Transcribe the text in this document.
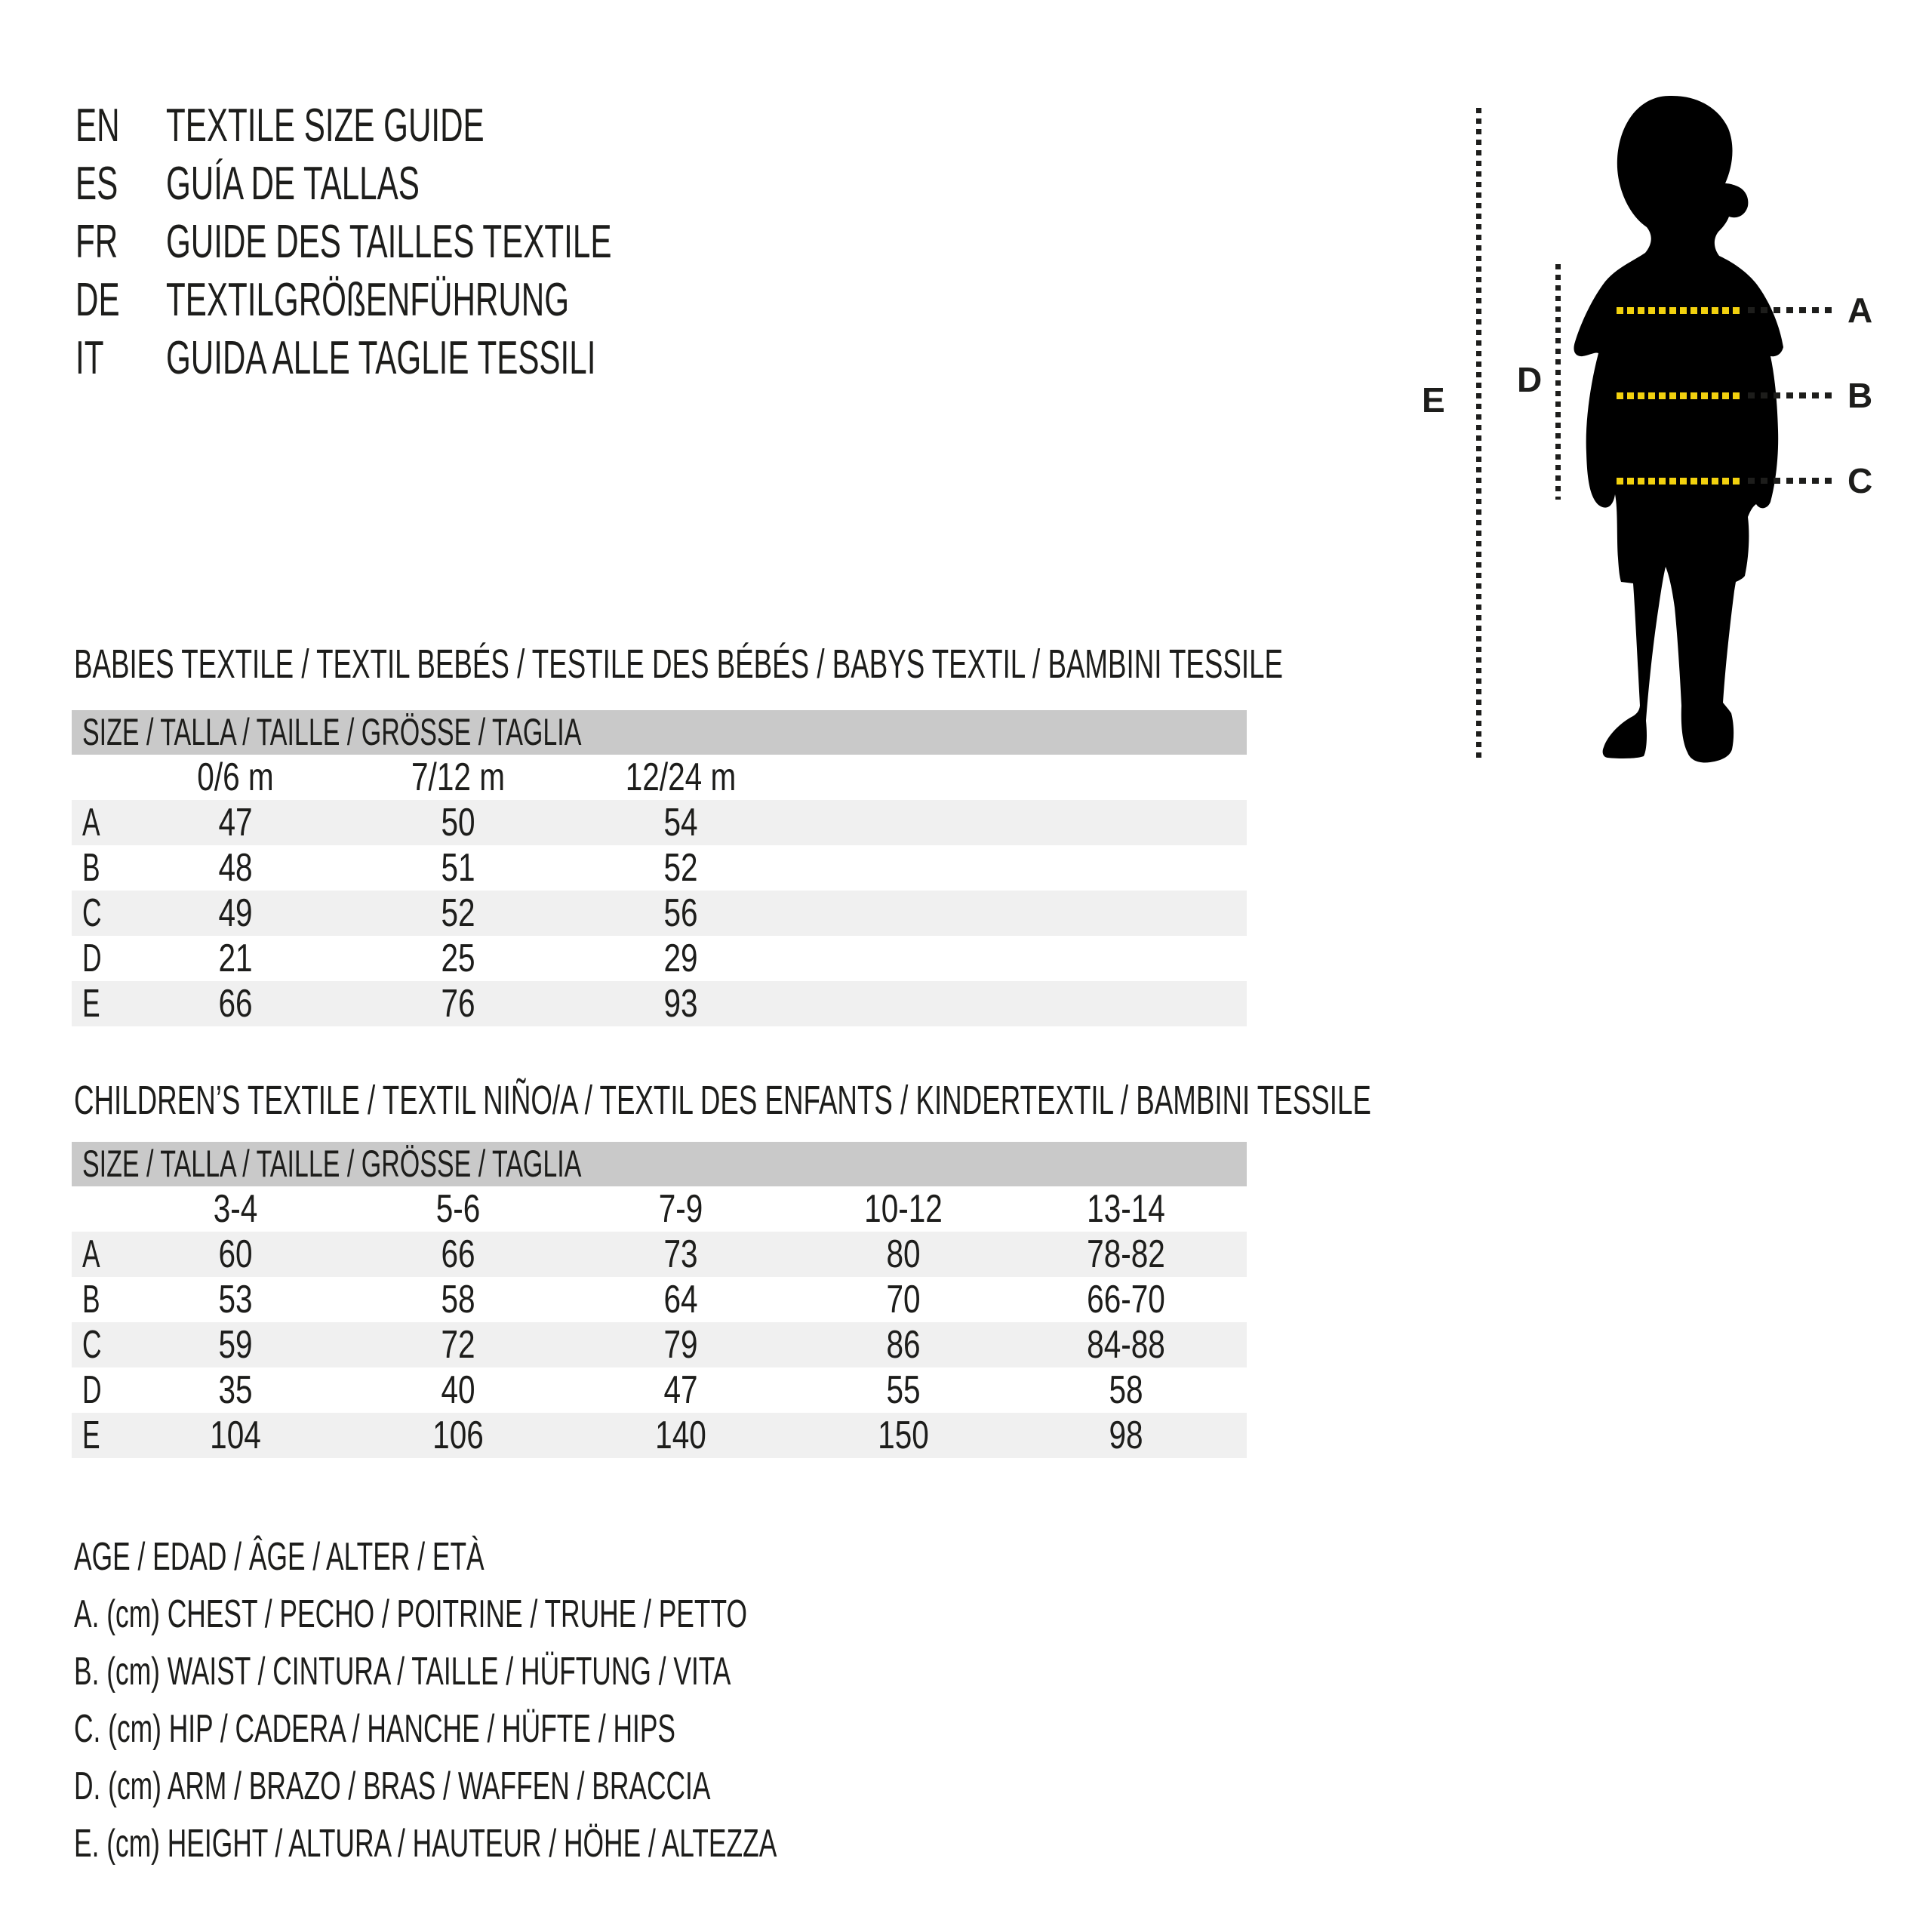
EN TEXTILE SIZE GUIDE
ES	GUÍA DE TALLAS
FR	GUIDE DES TAILLES TEXTILE
DE TEXTILGRÖßENFÜHRUNG
IT GUIDA ALLE TAGLIE TESSILI
A
B
C
D
E
BABIES TEXTILE / TEXTIL BEBÉS / TESTILE DES BÉBÉS / BABYS TEXTIL / BAMBINI TESSILE
SIZE / TALLA / TAILLE / GRÖSSE / TAGLIA
0/6 m	7/12 m	12/24 m
A	47	50	54
B	48	51	52
C	49	52	56
D	21	25	29
E	66	76	93
CHILDREN’S TEXTILE / TEXTIL NIÑO/A / TEXTIL DES ENFANTS / KINDERTEXTIL / BAMBINI TESSILE
SIZE / TALLA / TAILLE / GRÖSSE / TAGLIA
3-4	5-6	7-9	10-12	13-14
A	60	66	73	80	78-82
B	53	58	64	70	66-70
C	59	72	79	86	84-88
D	35	40	47	55	58
E	104	106	140	150	98
AGE / EDAD / ÂGE / ALTER / ETÀ
A. (cm) CHEST / PECHO / POITRINE / TRUHE / PETTO
B. (cm) WAIST / CINTURA / TAILLE / HÜFTUNG / VITA
C. (cm) HIP / CADERA / HANCHE / HÜFTE / HIPS
D. (cm) ARM / BRAZO / BRAS / WAFFEN / BRACCIA
E. (cm) HEIGHT / ALTURA / HAUTEUR / HÖHE / ALTEZZA
